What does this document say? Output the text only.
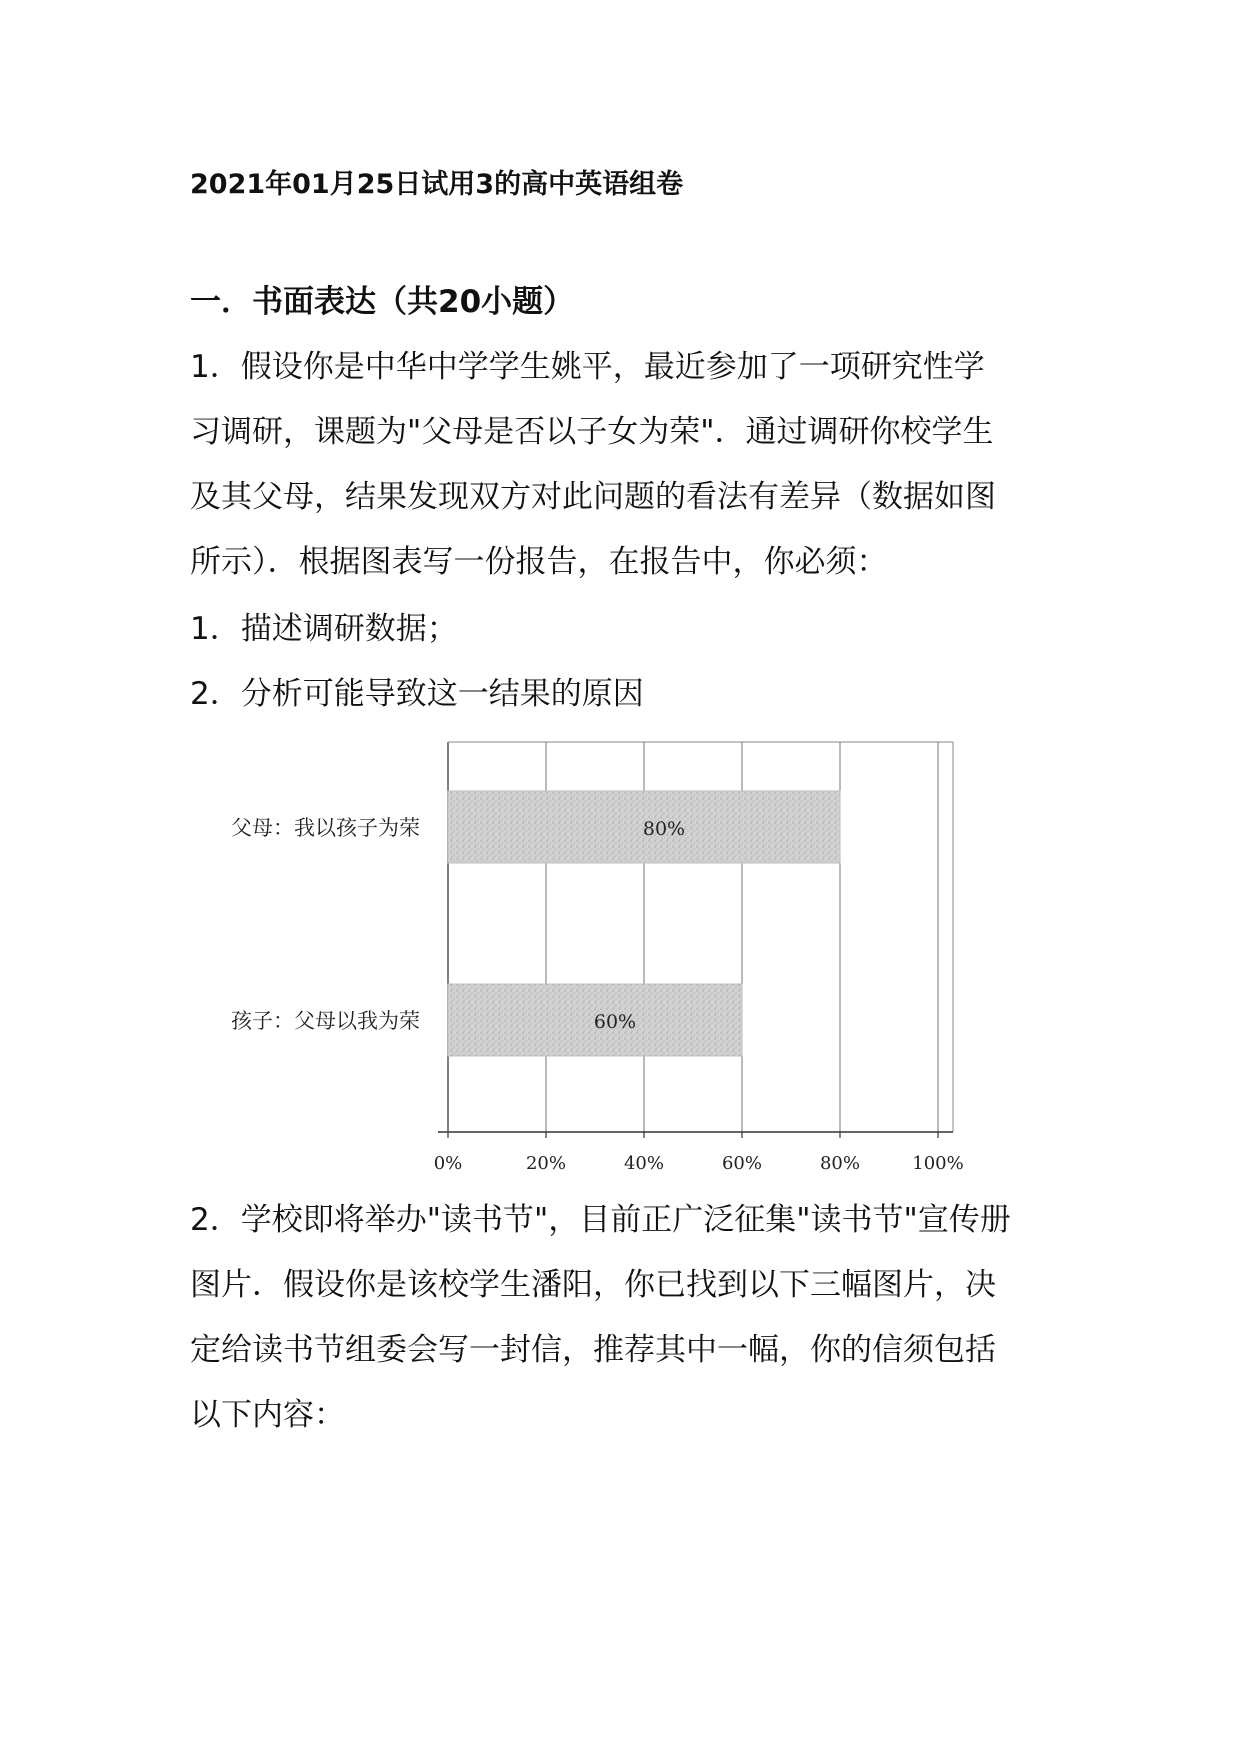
2021年01月25日试用3的高中英语组卷
一．书面表达（共20小题）
1．假设你是中华中学学生姚平，最近参加了一项研究性学
习调研，课题为"父母是否以子女为荣"．通过调研你校学生
及其父母，结果发现双方对此问题的看法有差异（数据如图
所示）．根据图表写一份报告，在报告中，你必须：
1．描述调研数据；
2．分析可能导致这一结果的原因
80%
父母：我以孩子为荣
60%
孩子：父母以我为荣
0%	20%	40%	60%	80%	100%
2．学校即将举办"读书节"，目前正广泛征集"读书节"宣传册
图片．假设你是该校学生潘阳，你已找到以下三幅图片，决
定给读书节组委会写一封信，推荐其中一幅，你的信须包括
以下内容：
